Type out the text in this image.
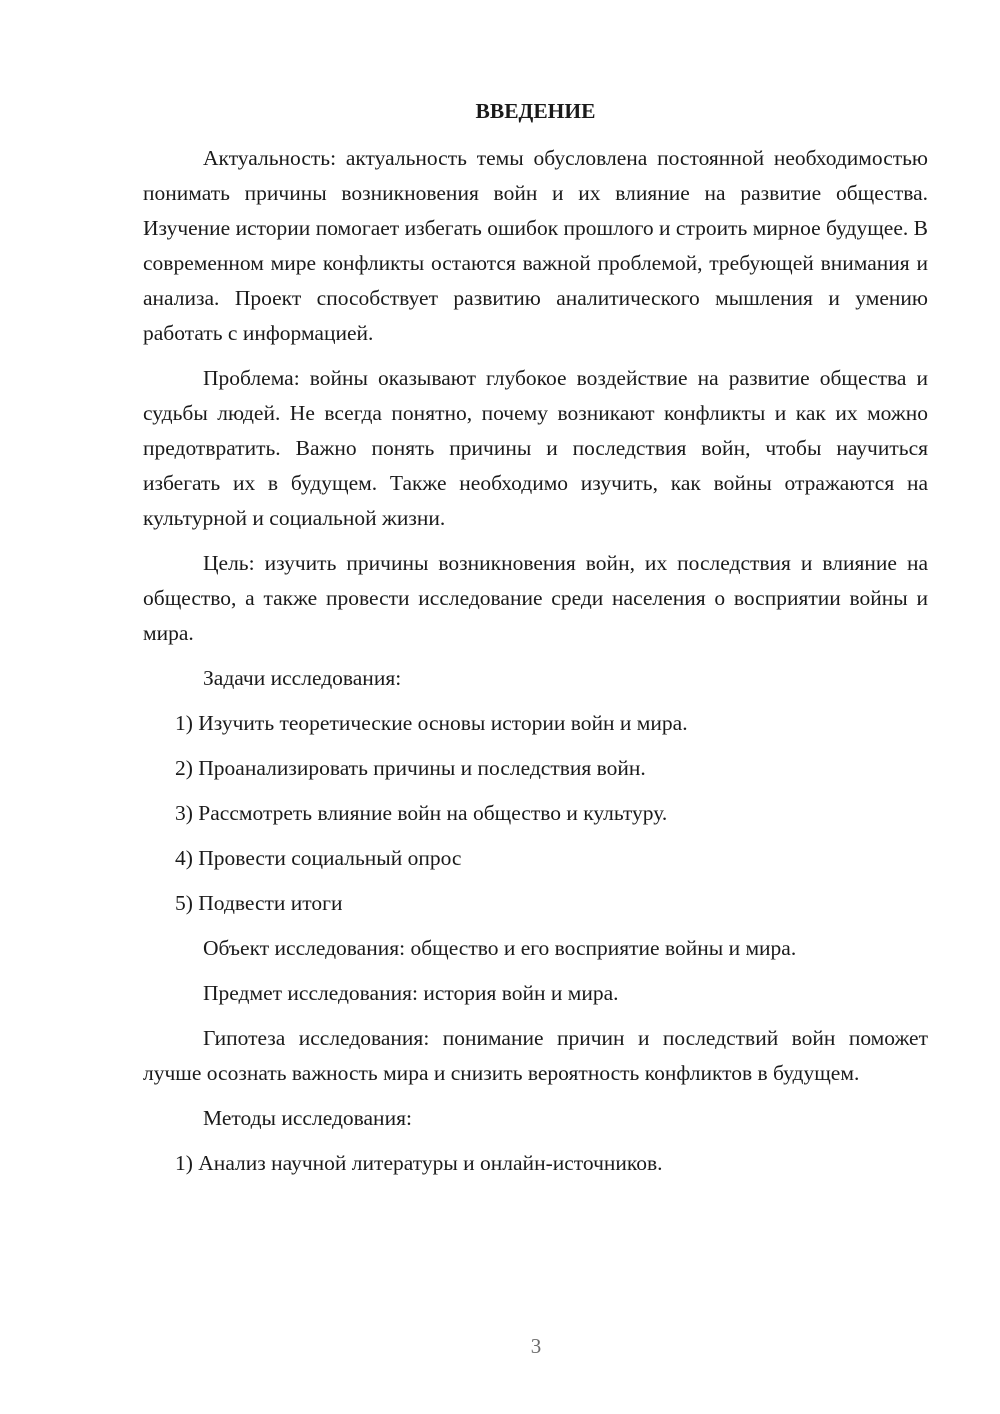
ВВЕДЕНИЕ
Актуальность: актуальность темы обусловлена постоянной необходимостью понимать причины возникновения войн и их влияние на развитие общества. Изучение истории помогает избегать ошибок прошлого и строить мирное будущее. В современном мире конфликты остаются важной проблемой, требующей внимания и анализа. Проект способствует развитию аналитического мышления и умению работать с информацией.
Проблема: войны оказывают глубокое воздействие на развитие общества и судьбы людей. Не всегда понятно, почему возникают конфликты и как их можно предотвратить. Важно понять причины и последствия войн, чтобы научиться избегать их в будущем. Также необходимо изучить, как войны отражаются на культурной и социальной жизни.
Цель: изучить причины возникновения войн, их последствия и влияние на общество, а также провести исследование среди населения о восприятии войны и мира.
Задачи исследования:
1) Изучить теоретические основы истории войн и мира.
2) Проанализировать причины и последствия войн.
3) Рассмотреть влияние войн на общество и культуру.
4) Провести социальный опрос
5) Подвести итоги
Объект исследования: общество и его восприятие войны и мира.
Предмет исследования: история войн и мира.
Гипотеза исследования: понимание причин и последствий войн поможет лучше осознать важность мира и снизить вероятность конфликтов в будущем.
Методы исследования:
1) Анализ научной литературы и онлайн-источников.
3
